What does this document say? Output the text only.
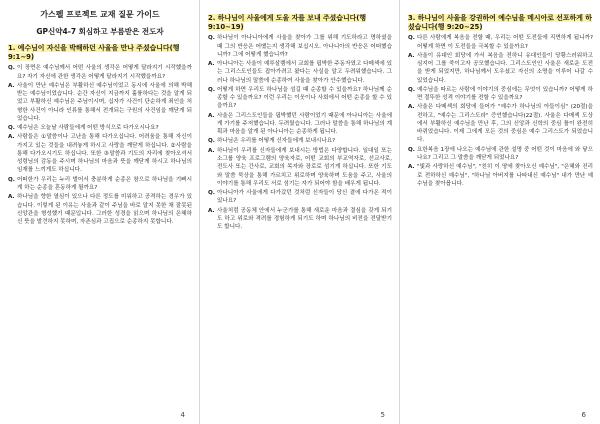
가스펠 프로젝트 교재 질문 가이드
GP신약4-7 회심하고 부름받은 전도자
1. 예수님이 자신을 박해하던 사울을 만나 주셨습니다(행 9:1~9)
Q. 이 장면은 예수님께서 어떤 사울의 생각은 어떻게 달라지기 시작했을까요? 자기 자신에 관한 생각은 어떻게 달라지기 시작했을까요?
A. 사울이 만난 예수님은 부활하신 예수님이었고 동시에 사울에 의해 박해받는 예수님이었습니다. 순간 자신이 지금까지 훌륭하다는 것을 알게 되었고 부활하신 예수님은 주님이시며, 십자가 사건이 단순하게 죄인을 처형한 사건이 아니라 인류를 통해서 전개되는 구원의 사건임을 깨닫게 되었습니다.
Q. 예수님은 오늘날 사람들에게 어떤 방식으로 다가오시나요?
A. 사람들은 ①말씀이나 고난을 통해 다가오십니다. 어려움을 통해 자신이 가지고 있는 것들을 내려놓게 하시고 사랑을 깨닫게 하십니다. ②사람을 통해 다가오시기도 하십니다. 또한 ③말씀과 기도의 자리에 찾아오셔서 성령님의 감동을 주시며 하나님의 마음과 뜻을 깨닫게 하시고 하나님의 임재를 느끼게도 하십니다.
Q. 어떠한가 우리는 누리 벌어서 충분하게 순종은 참으로 하나님을 기뻐시게 하는 순종을 혼동하게 될까요?
A. 하나님을 향한 열심이 있으나 다른 정도를 미워하고 공격하는 경우가 있습니다. 이렇게 된 이유는 사울과 같이 주님을 바로 알지 못한 채 잘못된 신앙관을 형성했기 때문입니다. 그러한 성경을 읽으며 하나님의 은혜하신 뜻을 발견하지 못하며, 자존심과 고집으로 순종하지 못합니다.
4
2. 하나님이 사울에게 도울 자를 보내 주셨습니다(행 9:10~19)
Q. 하나님이 아나니아에게 사울을 찾아가 그를 위해 기도하라고 명하셨을 때 그의 반응은 어땠는지 생각해 보십시오. 아나니아의 반응은 어떠했습니까? 그에 어떻게 했습니까?
A. 아나니아는 사울이 예루살렘에서 교회를 핍박한 주동자였고 다메섹에 있는 그리스도인들도 잡아가려고 왔다는 사실을 알고 두려워했습니다. 그러나 하나님의 말씀에 순종하여 사울을 찾아가 안수했습니다.
Q. 어떻게 하면 우리도 하나님을 섬길 때 순종할 수 있을까요? 하나님께 순종할 수 있을까요? 이런 우리는 이웃이나 사회에서 어떤 순종을 할 수 있을까요?
A. 사울은 그리스도인들을 핍박했던 사람이었기 때문에 아나니아는 사울에게 가기를 주저했습니다. 두려웠습니다. 그러나 말씀을 통해 하나님의 계획과 마음을 알게 된 아나니아는 순종하게 됩니다.
Q. 하나님은 우리를 어떻게 신자들에게 보내시나요?
A. 하나님이 우리를 신자들에게 보내시는 방법은 다양합니다. 일대일 또는 소그룹 양육 프로그램의 양육자로, 어떤 교회의 부교역자로, 선교사로, 전도사 또는 간사로, 교회의 목자와 장로로 섬기게 하십니다. 또한 기도와 말씀 묵상을 통해 가르치고 위로하며 양육하며 도움을 주고, 사울의 이야기를 통해 우리도 서로 섬기는 자가 되어야 함을 배우게 됩니다.
Q. 아나니아가 사울에게 다가갔던 것처럼 신자들이 당신 곁에 다가온 적이 있나요?
A. 사울처럼 공동체 안에서 누군가를 통해 새로운 마음과 결심을 갖게 되기도 하고 위로와 격려를 경험하게 되기도 하며 하나님의 비전을 전달받기도 합니다.
5
3. 하나님이 사울을 강권하여 예수님을 메시아로 선포하게 하셨습니다(행 9:20~25)
Q. 다른 사람에게 복음을 전할 때, 우리는 어떤 도전들에 직면하게 됩니까? 어떻게 하면 이 도전들을 극복할 수 있을까요?
A. 사울이 유대인 회당에 가서 복음을 전하니 유대인들이 당황스러워하고 심지어 그를 죽이고자 공모했습니다. 그리스도인인 사울은 새로운 도전을 받게 되었지만, 하나님께서 도우셨고 자신의 소명을 이루어 나갈 수 있었습니다.
Q. 예수님을 따르는 사람에 이야기의 중심에는 무엇이 있습니까? 어떻게 하면 절뚜한 성격 이야기를 전할 수 있을까요?
A. 사울은 다메섹의 회당에 들어가 "예수가 하나님의 아들이심" (20절)을 전하고, "예수는 그리스도라" 증언했습니다(22절). 사울은 다메섹 도상에서 부활하신 예수님을 만난 후, 그의 신앙과 신학의 중심 틀이 완전히 바뀌었습니다. 이제 그에게 모든 것의 중심은 예수 그리스도가 되었습니다.
Q. 요한복음 1장에 나오는 예수님에 관한 설명 중 어떤 것이 마음에 와 닿으나요? 그리고 그 말씀을 깨닫게 되었나요?
A. "빛과 사랑하신 예수님", "친히 이 땅에 찾아오신 예수님", "은혜와 진리로 전하하신 예수님", "하나님 아버지를 나타내신 예수님" 내가 만난 예수님을 찾아봅니다.
6
